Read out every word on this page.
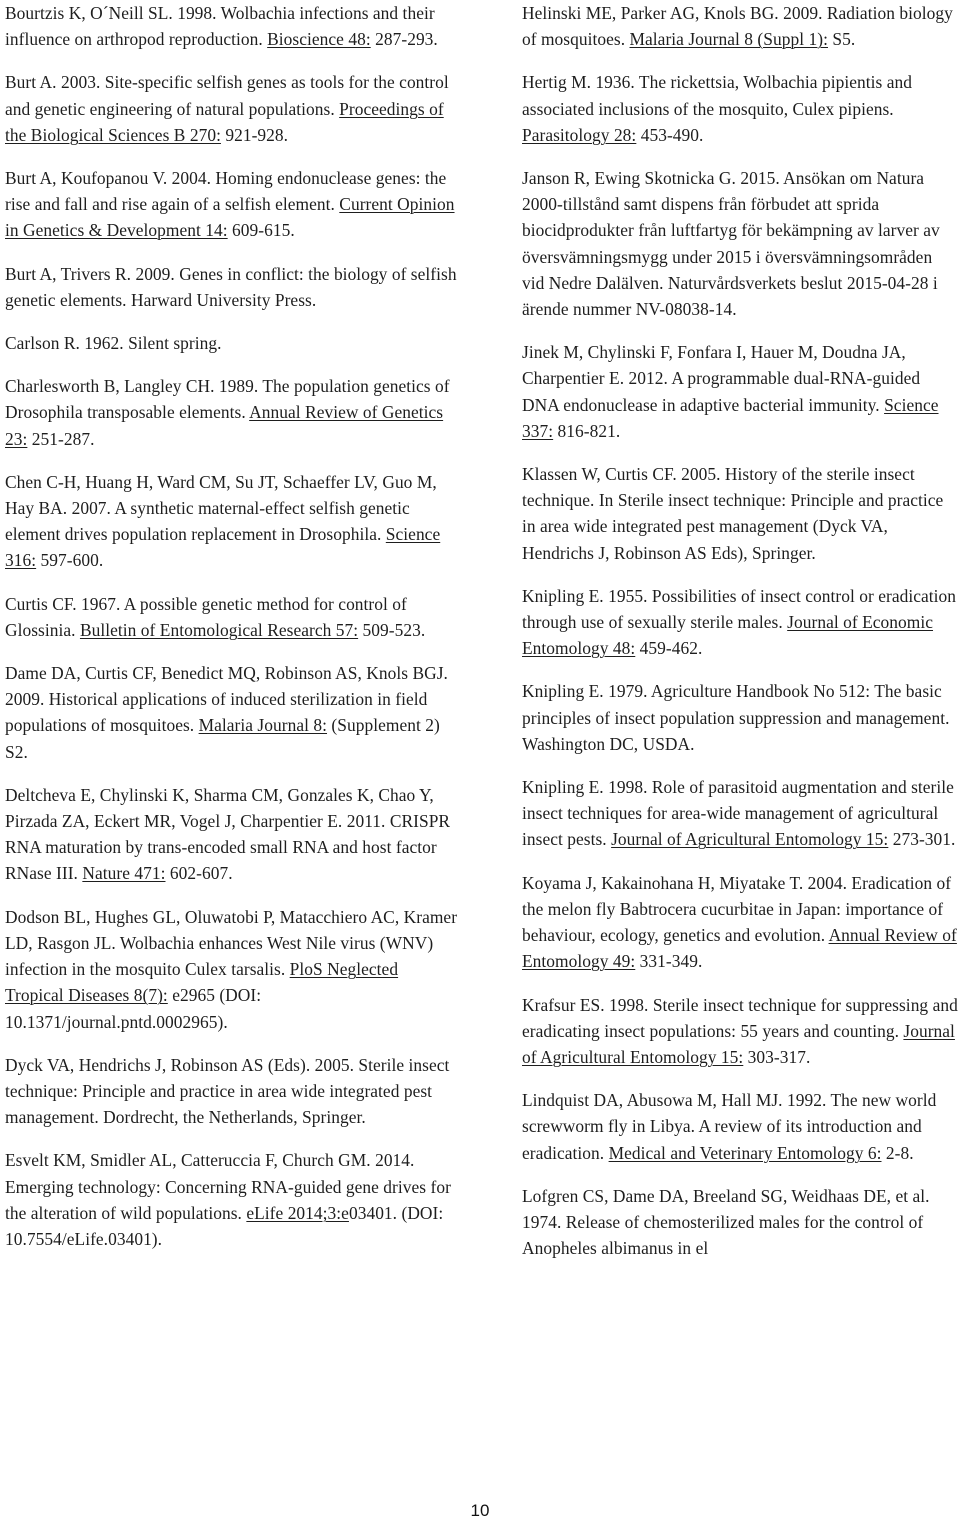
Bourtzis K, O´Neill SL. 1998. Wolbachia infections and their influence on arthropod reproduction. Bioscience 48: 287-293.

Burt A. 2003. Site-specific selfish genes as tools for the control and genetic engineering of natural populations. Proceedings of the Biological Sciences B 270: 921-928.

Burt A, Koufopanou V. 2004. Homing endonuclease genes: the rise and fall and rise again of a selfish element. Current Opinion in Genetics & Development 14: 609-615.

Burt A, Trivers R. 2009. Genes in conflict: the biology of selfish genetic elements. Harward University Press.

Carlson R. 1962. Silent spring.

Charlesworth B, Langley CH. 1989. The population genetics of Drosophila transposable elements. Annual Review of Genetics 23: 251-287.

Chen C-H, Huang H, Ward CM, Su JT, Schaeffer LV, Guo M, Hay BA. 2007. A synthetic maternal-effect selfish genetic element drives population replacement in Drosophila. Science 316: 597-600.

Curtis CF. 1967. A possible genetic method for control of Glossinia. Bulletin of Entomological Research 57: 509-523.

Dame DA, Curtis CF, Benedict MQ, Robinson AS, Knols BGJ. 2009. Historical applications of induced sterilization in field populations of mosquitoes. Malaria Journal 8: (Supplement 2) S2.

Deltcheva E, Chylinski K, Sharma CM, Gonzales K, Chao Y, Pirzada ZA, Eckert MR, Vogel J, Charpentier E. 2011. CRISPR RNA maturation by trans-encoded small RNA and host factor RNase III. Nature 471: 602-607.

Dodson BL, Hughes GL, Oluwatobi P, Matacchiero AC, Kramer LD, Rasgon JL. Wolbachia enhances West Nile virus (WNV) infection in the mosquito Culex tarsalis. PloS Neglected Tropical Diseases 8(7): e2965 (DOI: 10.1371/journal.pntd.0002965).

Dyck VA, Hendrichs J, Robinson AS (Eds). 2005. Sterile insect technique: Principle and practice in area wide integrated pest management. Dordrecht, the Netherlands, Springer.

Esvelt KM, Smidler AL, Catteruccia F, Church GM. 2014. Emerging technology: Concerning RNA-guided gene drives for the alteration of wild populations. eLife 2014;3:e03401. (DOI: 10.7554/eLife.03401).

Helinski ME, Parker AG, Knols BG. 2009. Radiation biology of mosquitoes. Malaria Journal 8 (Suppl 1): S5.

Hertig M. 1936. The rickettsia, Wolbachia pipientis and associated inclusions of the mosquito, Culex pipiens. Parasitology 28: 453-490.

Janson R, Ewing Skotnicka G. 2015. Ansökan om Natura 2000-tillstånd samt dispens från förbudet att sprida biocidprodukter från luftfartyg för bekämpning av larver av översvämningsmygg under 2015 i översvämningsområden vid Nedre Dalälven. Naturvårdsverkets beslut 2015-04-28 i ärende nummer NV-08038-14.

Jinek M, Chylinski F, Fonfara I, Hauer M, Doudna JA, Charpentier E. 2012. A programmable dual-RNA-guided DNA endonuclease in adaptive bacterial immunity. Science 337: 816-821.

Klassen W, Curtis CF. 2005. History of the sterile insect technique. In Sterile insect technique: Principle and practice in area wide integrated pest management (Dyck VA, Hendrichs J, Robinson AS Eds), Springer.

Knipling E. 1955. Possibilities of insect control or eradication through use of sexually sterile males. Journal of Economic Entomology 48: 459-462.

Knipling E. 1979. Agriculture Handbook No 512: The basic principles of insect population suppression and management. Washington DC, USDA.

Knipling E. 1998. Role of parasitoid augmentation and sterile insect techniques for area-wide management of agricultural insect pests. Journal of Agricultural Entomology 15: 273-301.

Koyama J, Kakainohana H, Miyatake T. 2004. Eradication of the melon fly Babtrocera cucurbitae in Japan: importance of behaviour, ecology, genetics and evolution. Annual Review of Entomology 49: 331-349.

Krafsur ES. 1998. Sterile insect technique for suppressing and eradicating insect populations: 55 years and counting. Journal of Agricultural Entomology 15: 303-317.

Lindquist DA, Abusowa M, Hall MJ. 1992. The new world screwworm fly in Libya. A review of its introduction and eradication. Medical and Veterinary Entomology 6: 2-8.

Lofgren CS, Dame DA, Breeland SG, Weidhaas DE, et al. 1974. Release of chemosterilized males for the control of Anopheles albimanus in el

10
